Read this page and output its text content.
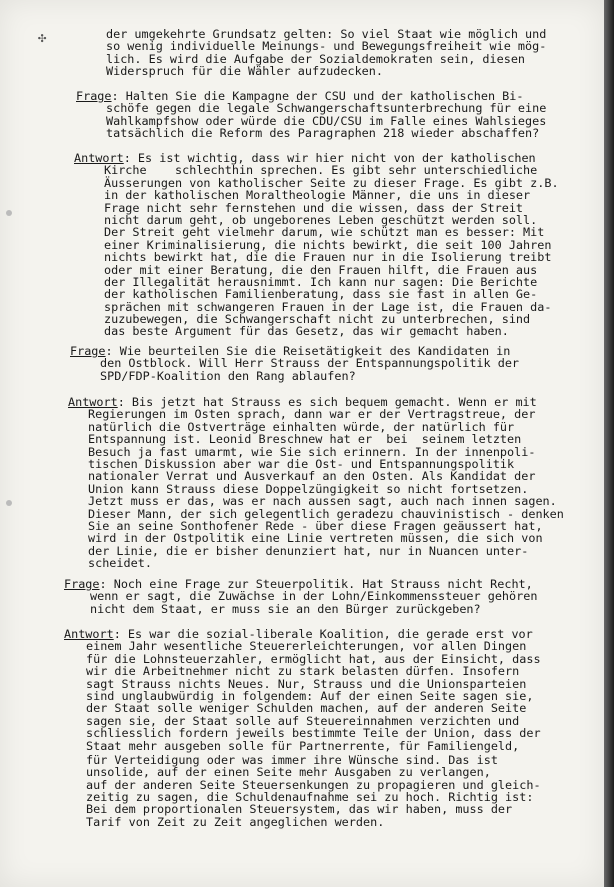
✣	der umgekehrte Grundsatz gelten: So viel Staat wie möglich und
so wenig individuelle Meinungs- und Bewegungsfreiheit wie mög-
lich. Es wird die Aufgabe der Sozialdemokraten sein, diesen
Widerspruch für die Wähler aufzudecken.
Frage: Halten Sie die Kampagne der CSU und der katholischen Bi-
schöfe gegen die legale Schwangerschaftsunterbrechung für eine
Wahlkampfshow oder würde die CDU/CSU im Falle eines Wahlsieges
tatsächlich die Reform des Paragraphen 218 wieder abschaffen?
Antwort: Es ist wichtig, dass wir hier nicht von der katholischen
Kirche    schlechthin sprechen. Es gibt sehr unterschiedliche
Äusserungen von katholischer Seite zu dieser Frage. Es gibt z.B.
in der katholischen Moraltheologie Männer, die uns in dieser
Frage nicht sehr fernstehen und die wissen, dass der Streit
nicht darum geht, ob ungeborenes Leben geschützt werden soll.
Der Streit geht vielmehr darum, wie schützt man es besser: Mit
einer Kriminalisierung, die nichts bewirkt, die seit 100 Jahren
nichts bewirkt hat, die die Frauen nur in die Isolierung treibt
oder mit einer Beratung, die den Frauen hilft, die Frauen aus
der Illegalität herausnimmt. Ich kann nur sagen: Die Berichte
der katholischen Familienberatung, dass sie fast in allen Ge-
sprächen mit schwangeren Frauen in der Lage ist, die Frauen da-
zuzubewegen, die Schwangerschaft nicht zu unterbrechen, sind
das beste Argument für das Gesetz, das wir gemacht haben.
Frage: Wie beurteilen Sie die Reisetätigkeit des Kandidaten in
den Ostblock. Will Herr Strauss der Entspannungspolitik der
SPD/FDP-Koalition den Rang ablaufen?
Antwort: Bis jetzt hat Strauss es sich bequem gemacht. Wenn er mit
Regierungen im Osten sprach, dann war er der Vertragstreue, der
natürlich die Ostverträge einhalten würde, der natürlich für
Entspannung ist. Leonid Breschnew hat er  bei  seinem letzten
Besuch ja fast umarmt, wie Sie sich erinnern. In der innenpoli-
tischen Diskussion aber war die Ost- und Entspannungspolitik
nationaler Verrat und Ausverkauf an den Osten. Als Kandidat der
Union kann Strauss diese Doppelzüngigkeit so nicht fortsetzen.
Jetzt muss er das, was er nach aussen sagt, auch nach innen sagen.
Dieser Mann, der sich gelegentlich geradezu chauvinistisch - denken
Sie an seine Sonthofener Rede - über diese Fragen geäussert hat,
wird in der Ostpolitik eine Linie vertreten müssen, die sich von
der Linie, die er bisher denunziert hat, nur in Nuancen unter-
scheidet.
Frage: Noch eine Frage zur Steuerpolitik. Hat Strauss nicht Recht,
wenn er sagt, die Zuwächse in der Lohn/Einkommenssteuer gehören
nicht dem Staat, er muss sie an den Bürger zurückgeben?
Antwort: Es war die sozial-liberale Koalition, die gerade erst vor
einem Jahr wesentliche Steuererleichterungen, vor allen Dingen
für die Lohnsteuerzahler, ermöglicht hat, aus der Einsicht, dass
wir die Arbeitnehmer nicht zu stark belasten dürfen. Insofern
sagt Strauss nichts Neues. Nur, Strauss und die Unionsparteien
sind unglaubwürdig in folgendem: Auf der einen Seite sagen sie,
der Staat solle weniger Schulden machen, auf der anderen Seite
sagen sie, der Staat solle auf Steuereinnahmen verzichten und
schliesslich fordern jeweils bestimmte Teile der Union, dass der
Staat mehr ausgeben solle für Partnerrente, für Familiengeld,
für Verteidigung oder was immer ihre Wünsche sind. Das ist
unsolide, auf der einen Seite mehr Ausgaben zu verlangen,
auf der anderen Seite Steuersenkungen zu propagieren und gleich-
zeitig zu sagen, die Schuldenaufnahme sei zu hoch. Richtig ist:
Bei dem proportionalen Steuersystem, das wir haben, muss der
Tarif von Zeit zu Zeit angeglichen werden.
